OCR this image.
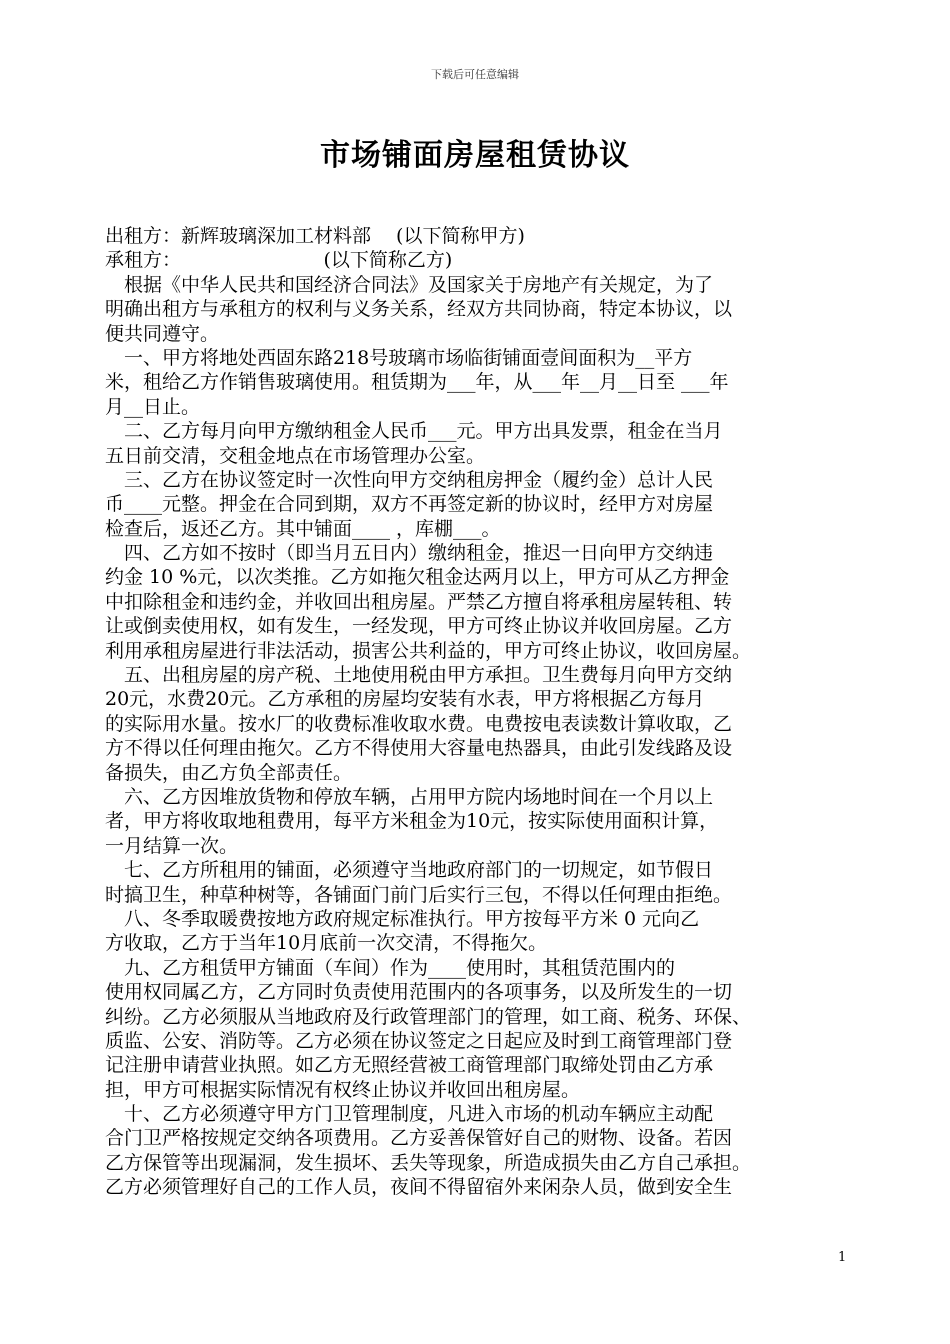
下载后可任意编辑
市场铺面房屋租赁协议
出租方：新辉玻璃深加工材料部　 (以下简称甲方)
承租方：　　　　　　　　(以下简称乙方)
　根据《中华人民共和国经济合同法》及国家关于房地产有关规定，为了
明确出租方与承租方的权利与义务关系，经双方共同协商，特定本协议，以
便共同遵守。
　一、甲方将地处西固东路218号玻璃市场临街铺面壹间面积为__平方
米，租给乙方作销售玻璃使用。租赁期为___年，从___年__月__日至 ___年
月__日止。
　二、乙方每月向甲方缴纳租金人民币___元。甲方出具发票，租金在当月
五日前交清，交租金地点在市场管理办公室。
　三、乙方在协议签定时一次性向甲方交纳租房押金（履约金）总计人民
币____元整。押金在合同到期，双方不再签定新的协议时，经甲方对房屋
检查后，返还乙方。其中铺面____ ，库棚___。
　四、乙方如不按时（即当月五日内）缴纳租金，推迟一日向甲方交纳违
约金 10 %元，以次类推。乙方如拖欠租金达两月以上，甲方可从乙方押金
中扣除租金和违约金，并收回出租房屋。严禁乙方擅自将承租房屋转租、转
让或倒卖使用权，如有发生，一经发现，甲方可终止协议并收回房屋。乙方
利用承租房屋进行非法活动，损害公共利益的，甲方可终止协议，收回房屋。
　五、出租房屋的房产税、土地使用税由甲方承担。卫生费每月向甲方交纳
20元，水费20元。乙方承租的房屋均安装有水表，甲方将根据乙方每月
的实际用水量。按水厂的收费标准收取水费。电费按电表读数计算收取，乙
方不得以任何理由拖欠。乙方不得使用大容量电热器具，由此引发线路及设
备损失，由乙方负全部责任。
　六、乙方因堆放货物和停放车辆，占用甲方院内场地时间在一个月以上
者，甲方将收取地租费用，每平方米租金为10元，按实际使用面积计算，
一月结算一次。
　七、乙方所租用的铺面，必须遵守当地政府部门的一切规定，如节假日
时搞卫生，种草种树等，各铺面门前门后实行三包，不得以任何理由拒绝。
　八、冬季取暖费按地方政府规定标准执行。甲方按每平方米 0 元向乙
方收取，乙方于当年10月底前一次交清，不得拖欠。
　九、乙方租赁甲方铺面（车间）作为____使用时，其租赁范围内的
使用权同属乙方，乙方同时负责使用范围内的各项事务，以及所发生的一切
纠纷。乙方必须服从当地政府及行政管理部门的管理，如工商、税务、环保、
质监、公安、消防等。乙方必须在协议签定之日起应及时到工商管理部门登
记注册申请营业执照。如乙方无照经营被工商管理部门取缔处罚由乙方承
担，甲方可根据实际情况有权终止协议并收回出租房屋。
　十、乙方必须遵守甲方门卫管理制度，凡进入市场的机动车辆应主动配
合门卫严格按规定交纳各项费用。乙方妥善保管好自己的财物、设备。若因
乙方保管等出现漏洞，发生损坏、丢失等现象，所造成损失由乙方自己承担。
乙方必须管理好自己的工作人员，夜间不得留宿外来闲杂人员，做到安全生
1
